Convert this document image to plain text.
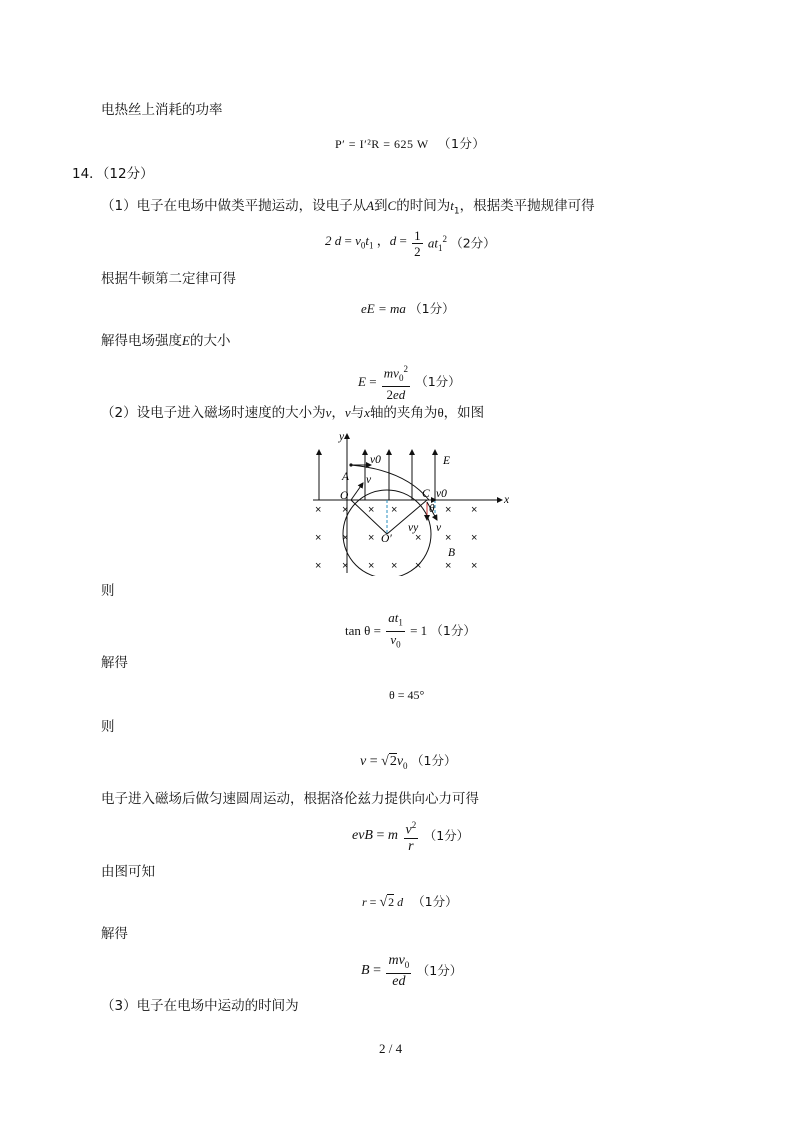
电热丝上消耗的功率
P′ = I′²R = 625 W （1分）
14．（12分）
（1）电子在电场中做类平抛运动，设电子从A到C的时间为$t_1$，根据类平抛规律可得
2 $d = v_0t_1$ ，$d = \frac{1}{2} at_1^2$ （2分）
根据牛顿第二定律可得
eE = ma （1分）
解得电场强度E的大小
$E = \frac{mv_0^2}{2ed} (1$分）
（2）设电子进入磁场时速度的大小为v，v与x轴的夹角为θ，如图
× × × ×	× ×
× × ×	× × ×
× × × × × × ×
y
x
v0
v
A
O	C
θ
v0
E
vy v
O′
B
则
$\tan \theta = \frac{at_1}{v_0} = 1$ （1分）
解得
θ = 45°
则
$v = √2v_0$ （1分）
电子进入磁场后做匀速圆周运动，根据洛伦兹力提供向心力可得
evB = m $\frac{v^2}{r} (1$分）
由图可知
r = √2 d （1分）
解得
$B = \frac{mv_0}{ed} (1$分）
（3）电子在电场中运动的时间为
2 / 4
